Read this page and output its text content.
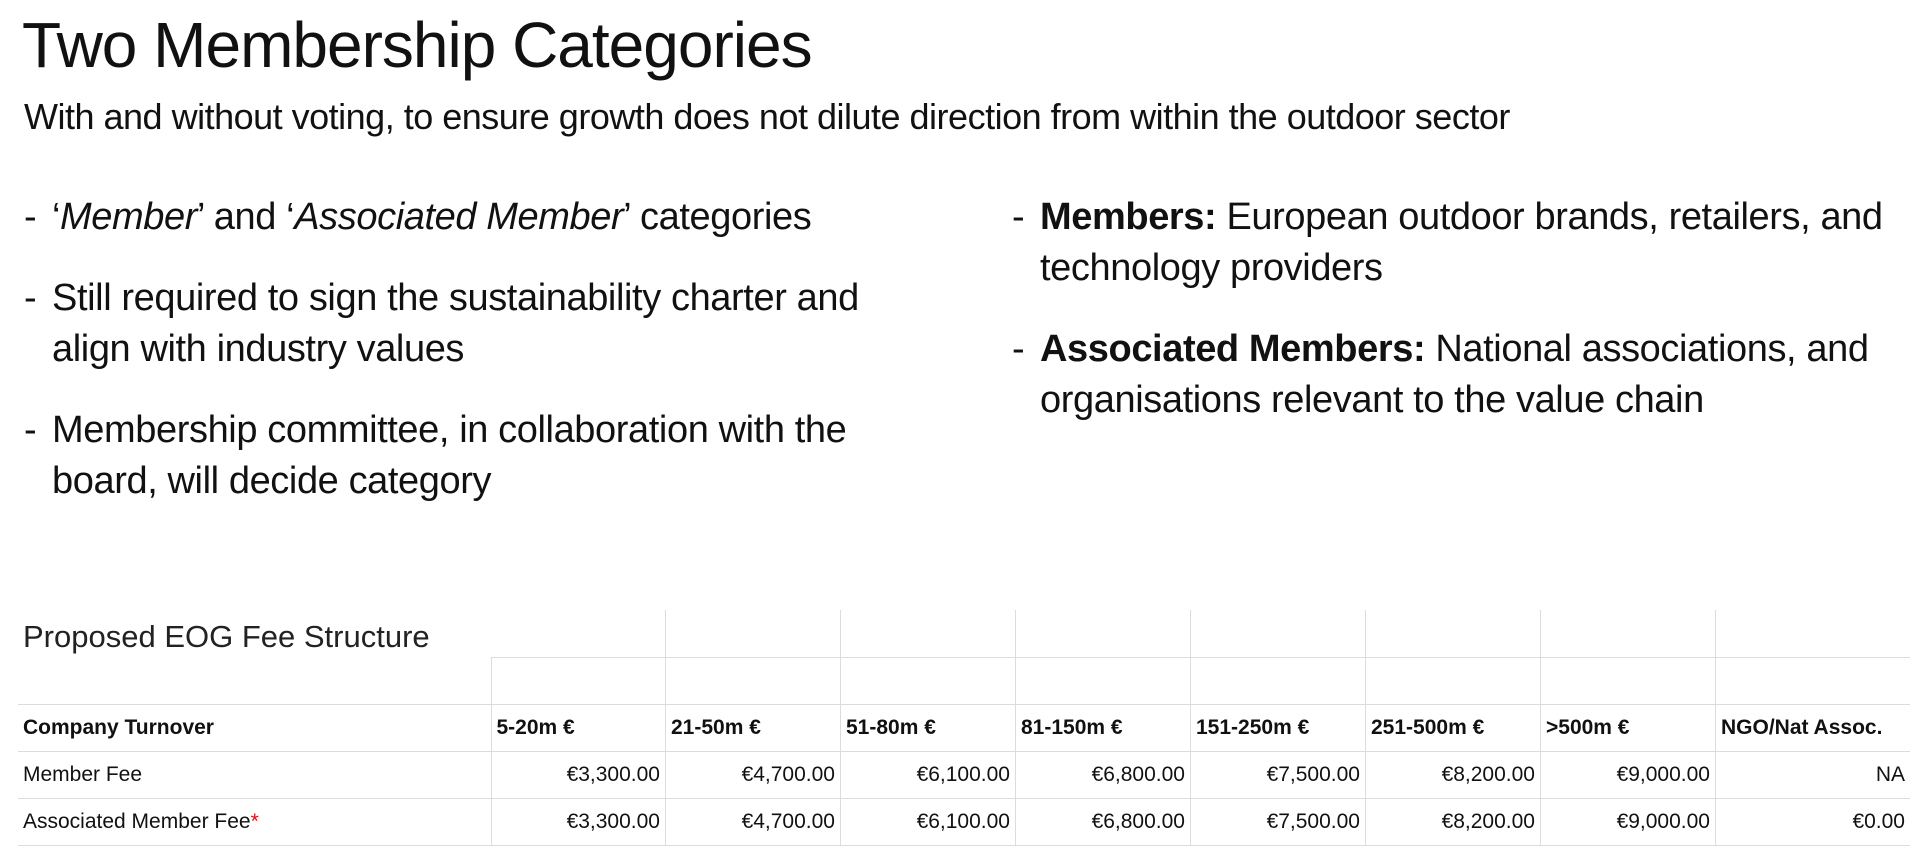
Two Membership Categories
With and without voting, to ensure growth does not dilute direction from within the outdoor sector
- ‘Member’ and ‘Associated Member’ categories
- Still required to sign the sustainability charter and align with industry values
- Membership committee, in collaboration with the board, will decide category
- Members: European outdoor brands, retailers, and technology providers
- Associated Members: National associations, and organisations relevant to the value chain
Proposed EOG Fee Structure								

Company Turnover	5-20m €	21-50m €	51-80m €	81-150m €	151-250m €	251-500m €	>500m €	NGO/Nat Assoc.
Member Fee	€3,300.00	€4,700.00	€6,100.00	€6,800.00	€7,500.00	€8,200.00	€9,000.00	NA
Associated Member Fee*	€3,300.00	€4,700.00	€6,100.00	€6,800.00	€7,500.00	€8,200.00	€9,000.00	€0.00
